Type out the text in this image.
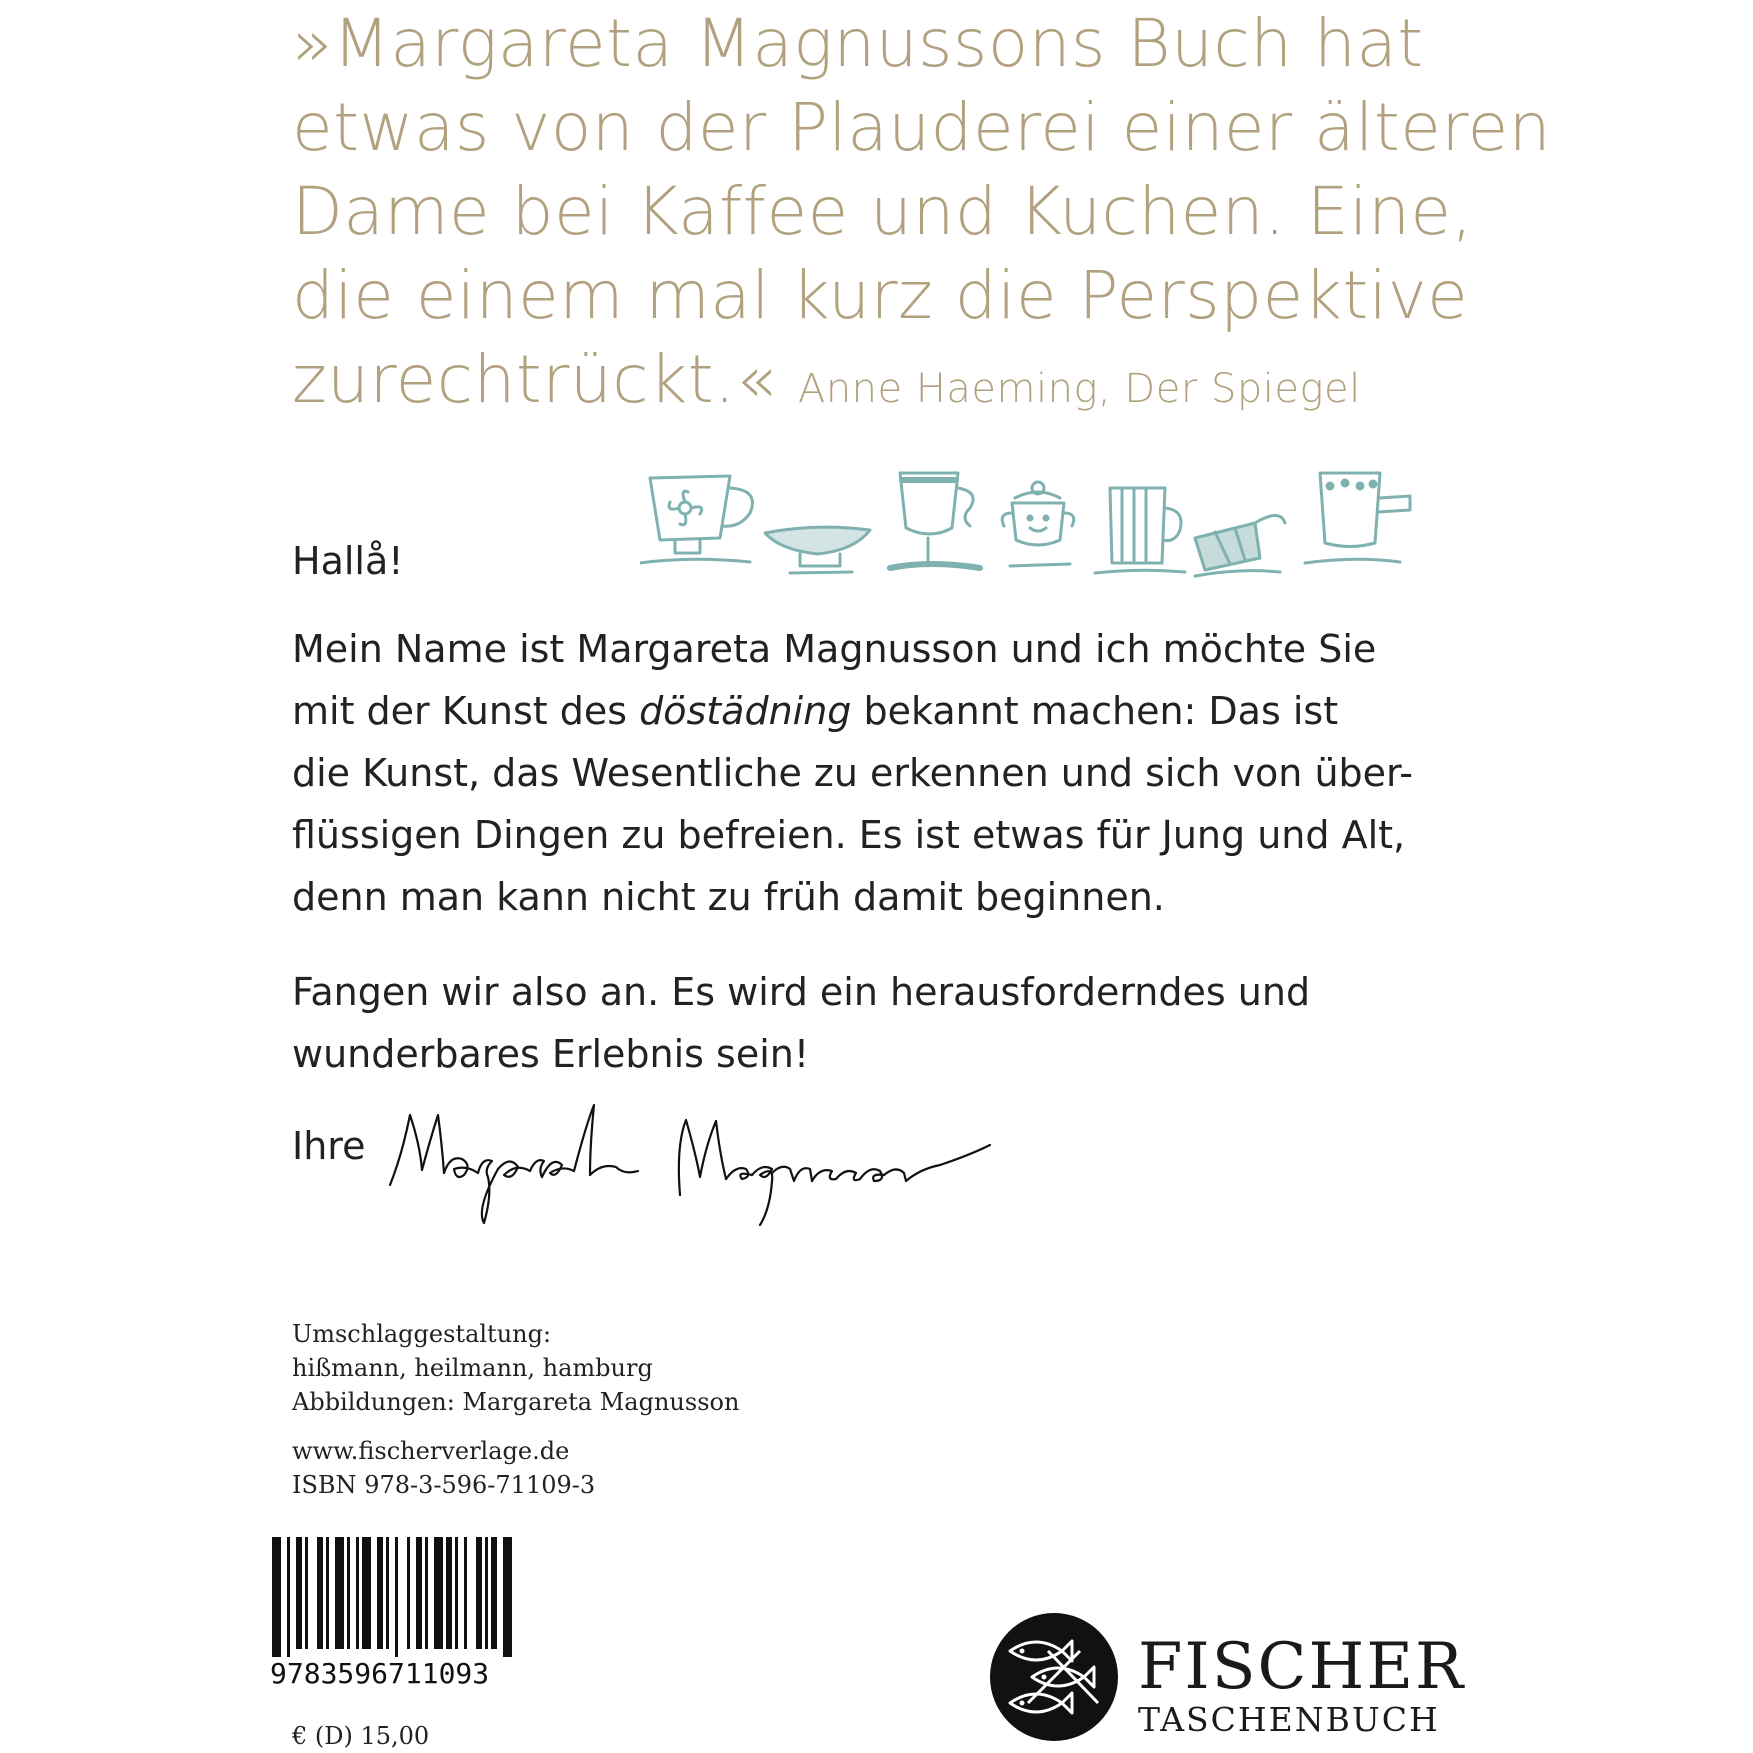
»Margareta Magnussons Buch hat
etwas von der Plauderei einer älteren
Dame bei Kaffee und Kuchen. Eine,
die einem mal kurz die Perspektive
zurechtrückt.« Anne Haeming, Der Spiegel
Hallå!
Mein Name ist Margareta Magnusson und ich möchte Sie
mit der Kunst des döstädning bekannt machen: Das ist
die Kunst, das Wesentliche zu erkennen und sich von über-
flüssigen Dingen zu befreien. Es ist etwas für Jung und Alt,
denn man kann nicht zu früh damit beginnen.
Fangen wir also an. Es wird ein herausforderndes und
wunderbares Erlebnis sein!
Ihre
Umschlaggestaltung:
hißmann, heilmann, hamburg
Abbildungen: Margareta Magnusson
www.fischerverlage.de
ISBN 978-3-596-71109-3
9783596711093
€ (D) 15,00
FISCHER
TASCHENBUCH
